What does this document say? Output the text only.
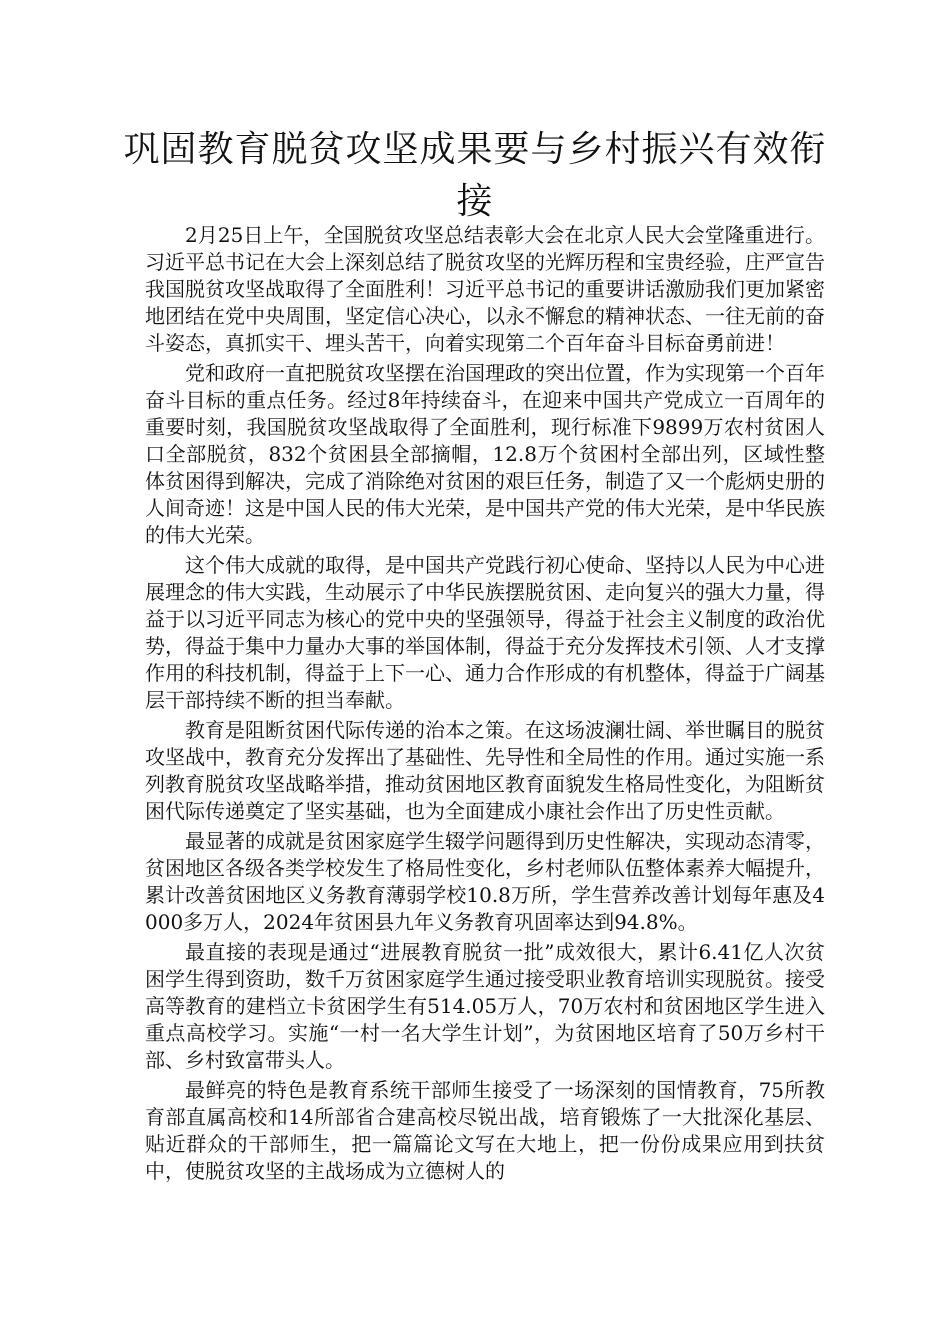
巩固教育脱贫攻坚成果要与乡村振兴有效衔接

2月25日上午，全国脱贫攻坚总结表彰大会在北京人民大会堂隆重进行。习近平总书记在大会上深刻总结了脱贫攻坚的光辉历程和宝贵经验，庄严宣告我国脱贫攻坚战取得了全面胜利！习近平总书记的重要讲话激励我们更加紧密地团结在党中央周围，坚定信心决心，以永不懈怠的精神状态、一往无前的奋斗姿态，真抓实干、埋头苦干，向着实现第二个百年奋斗目标奋勇前进！

党和政府一直把脱贫攻坚摆在治国理政的突出位置，作为实现第一个百年奋斗目标的重点任务。经过8年持续奋斗，在迎来中国共产党成立一百周年的重要时刻，我国脱贫攻坚战取得了全面胜利，现行标准下9899万农村贫困人口全部脱贫，832个贫困县全部摘帽，12.8万个贫困村全部出列，区域性整体贫困得到解决，完成了消除绝对贫困的艰巨任务，制造了又一个彪炳史册的人间奇迹！这是中国人民的伟大光荣，是中国共产党的伟大光荣，是中华民族的伟大光荣。

这个伟大成就的取得，是中国共产党践行初心使命、坚持以人民为中心进展理念的伟大实践，生动展示了中华民族摆脱贫困、走向复兴的强大力量，得益于以习近平同志为核心的党中央的坚强领导，得益于社会主义制度的政治优势，得益于集中力量办大事的举国体制，得益于充分发挥技术引领、人才支撑作用的科技机制，得益于上下一心、通力合作形成的有机整体，得益于广阔基层干部持续不断的担当奉献。

教育是阻断贫困代际传递的治本之策。在这场波澜壮阔、举世瞩目的脱贫攻坚战中，教育充分发挥出了基础性、先导性和全局性的作用。通过实施一系列教育脱贫攻坚战略举措，推动贫困地区教育面貌发生格局性变化，为阻断贫困代际传递奠定了坚实基础，也为全面建成小康社会作出了历史性贡献。

最显著的成就是贫困家庭学生辍学问题得到历史性解决，实现动态清零，贫困地区各级各类学校发生了格局性变化，乡村老师队伍整体素养大幅提升，累计改善贫困地区义务教育薄弱学校10.8万所，学生营养改善计划每年惠及4000多万人，2024年贫困县九年义务教育巩固率达到94.8%。

最直接的表现是通过“进展教育脱贫一批”成效很大，累计6.41亿人次贫困学生得到资助，数千万贫困家庭学生通过接受职业教育培训实现脱贫。接受高等教育的建档立卡贫困学生有514.05万人，70万农村和贫困地区学生进入重点高校学习。实施“一村一名大学生计划”，为贫困地区培育了50万乡村干部、乡村致富带头人。

最鲜亮的特色是教育系统干部师生接受了一场深刻的国情教育，75所教育部直属高校和14所部省合建高校尽锐出战，培育锻炼了一大批深化基层、贴近群众的干部师生，把一篇篇论文写在大地上，把一份份成果应用到扶贫中，使脱贫攻坚的主战场成为立德树人的
